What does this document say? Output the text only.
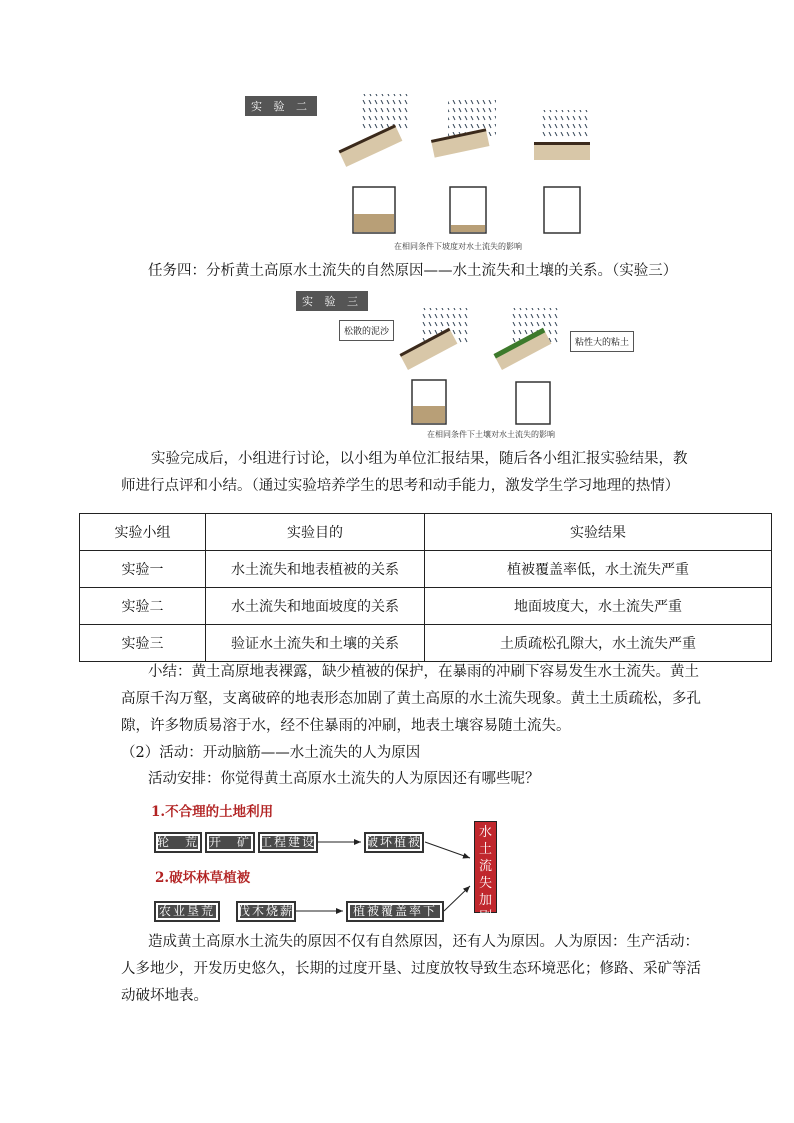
实 验 二
在相同条件下坡度对水土流失的影响
任务四：分析黄土高原水土流失的自然原因——水土流失和土壤的关系。（实验三）
实 验 三
松散的泥沙
粘性大的粘土
在相同条件下土壤对水土流失的影响
实验完成后，小组进行讨论，以小组为单位汇报结果，随后各小组汇报实验结果，教
师进行点评和小结。（通过实验培养学生的思考和动手能力，激发学生学习地理的热情）
实验小组	实验目的	实验结果
实验一	水土流失和地表植被的关系	植被覆盖率低，水土流失严重
实验二	水土流失和地面坡度的关系	地面坡度大，水土流失严重
实验三	验证水土流失和土壤的关系	土质疏松孔隙大，水土流失严重
小结：黄土高原地表裸露，缺少植被的保护，在暴雨的冲刷下容易发生水土流失。黄土
高原千沟万壑，支离破碎的地表形态加剧了黄土高原的水土流失现象。黄土土质疏松，多孔
隙，许多物质易溶于水，经不住暴雨的冲刷，地表土壤容易随土流失。
（2）活动：开动脑筋——水土流失的人为原因
活动安排：你觉得黄土高原水土流失的人为原因还有哪些呢？
1.不合理的土地利用
轮　荒 开　矿 工程建设	破坏植被
2.破坏林草植被
农业垦荒	伐木烧薪	植被覆盖率下降
水土流失加剧
造成黄土高原水土流失的原因不仅有自然原因，还有人为原因。人为原因：生产活动：
人多地少，开发历史悠久，长期的过度开垦、过度放牧导致生态环境恶化；修路、采矿等活
动破坏地表。
